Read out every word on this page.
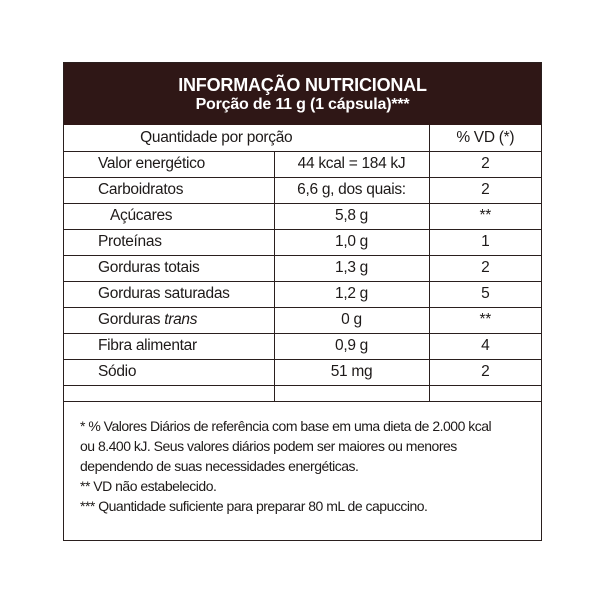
INFORMAÇÃO NUTRICIONAL
Porção de 11 g (1 cápsula)***
Quantidade por porção		% VD (*)
Valor energético	44 kcal = 184 kJ	2
Carboidratos	6,6 g, dos quais:	2
Açúcares	5,8 g	**
Proteínas	1,0 g	1
Gorduras totais	1,3 g	2
Gorduras saturadas	1,2 g	5
Gorduras trans	0 g	**
Fibra alimentar	0,9 g	4
Sódio	51 mg	2

* % Valores Diários de referência com base em uma dieta de 2.000 kcal
ou 8.400 kJ. Seus valores diários podem ser maiores ou menores
dependendo de suas necessidades energéticas.
** VD não estabelecido.
*** Quantidade suficiente para preparar 80 mL de capuccino.
